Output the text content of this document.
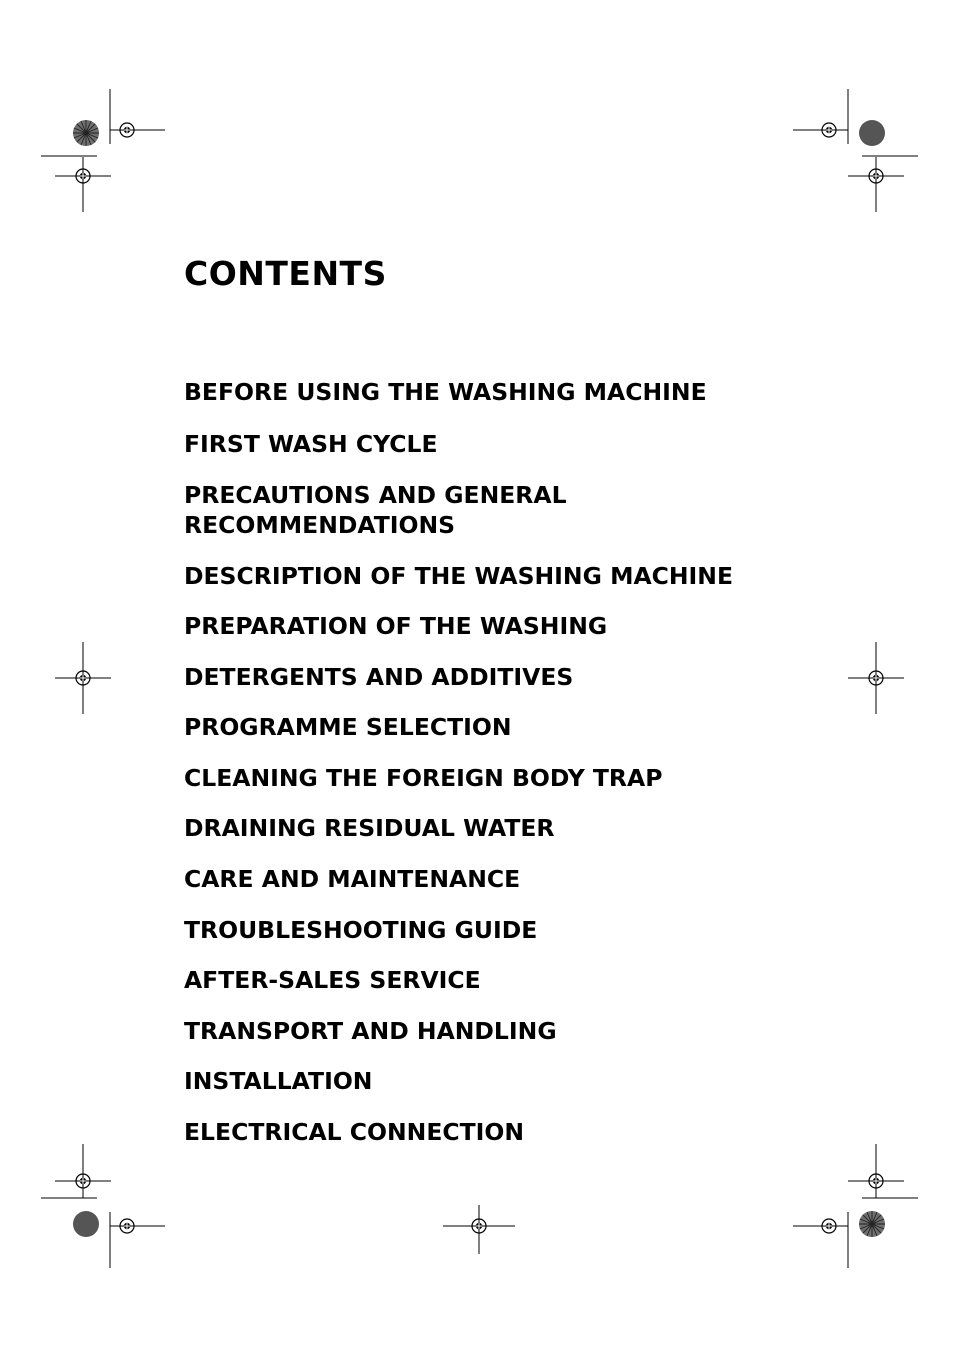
CONTENTS
BEFORE USING THE WASHING MACHINE
FIRST WASH CYCLE
PRECAUTIONS AND GENERAL
RECOMMENDATIONS
DESCRIPTION OF THE WASHING MACHINE
PREPARATION OF THE WASHING
DETERGENTS AND ADDITIVES
PROGRAMME SELECTION
CLEANING THE FOREIGN BODY TRAP
DRAINING RESIDUAL WATER
CARE AND MAINTENANCE
TROUBLESHOOTING GUIDE
AFTER-SALES SERVICE
TRANSPORT AND HANDLING
INSTALLATION
ELECTRICAL CONNECTION
